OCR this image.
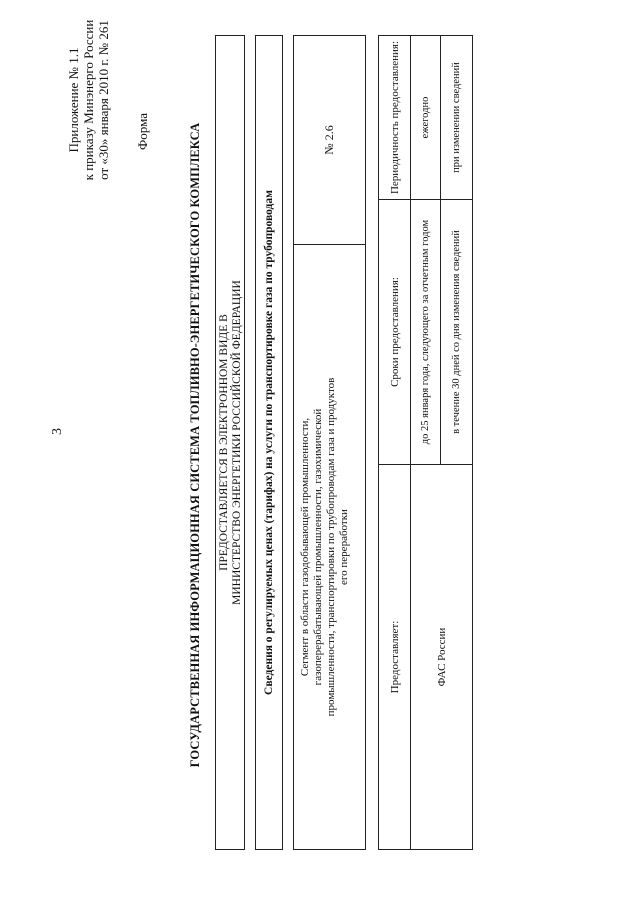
3
Приложение № 1.1 к приказу Минэнерго России от «30» января 2010 г. № 261 Форма	ГОСУДАРСТВЕННАЯ ИНФОРМАЦИОННАЯ СИСТЕМА ТОПЛИВНО-ЭНЕРГЕТИЧЕСКОГО КОМПЛЕКСА ПРЕДОСТАВЛЯЕТСЯ В ЭЛЕКТРОННОМ ВИДЕ В МИНИСТЕРСТВО ЭНЕРГЕТИКИ РОССИЙСКОЙ ФЕДЕРАЦИИ Сведения о регулируемых ценах (тарифах) на услуги по транспортировке газа по трубопроводам Сегмент в области газодобывающей промышленности, газоперерабатывающей промышленности, газохимической промышленности, транспортировки по трубопроводам газа и продуктов его переработки
№ 2.6
Предоставляет:
Сроки предоставления:
Периодичность предоставления:
ФАС России
до 25 января года, следующего за отчетным годом
ежегодно
в течение 30 дней со дня изменения сведений
при изменении сведений
